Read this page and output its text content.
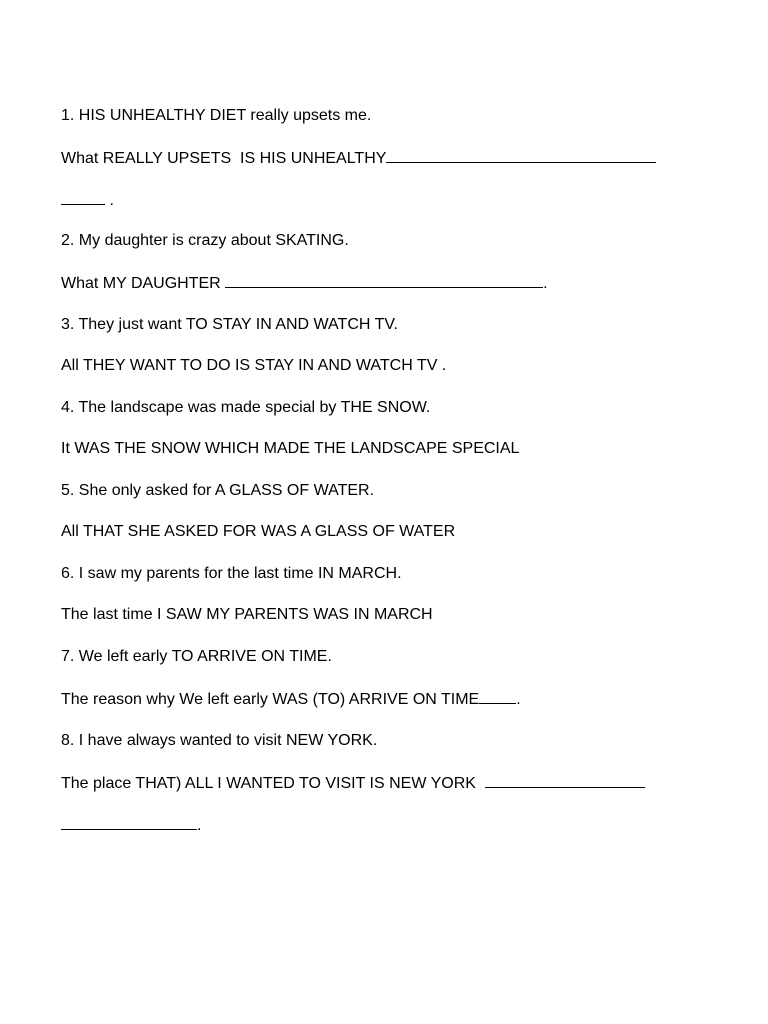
1. HIS UNHEALTHY DIET really upsets me.
What REALLY UPSETS  IS HIS UNHEALTHY
.
2. My daughter is crazy about SKATING.
What MY DAUGHTER	.
3. They just want TO STAY IN AND WATCH TV.
All THEY WANT TO DO IS STAY IN AND WATCH TV .
4. The landscape was made special by THE SNOW.
It WAS THE SNOW WHICH MADE THE LANDSCAPE SPECIAL
5. She only asked for A GLASS OF WATER.
All THAT SHE ASKED FOR WAS A GLASS OF WATER
6. I saw my parents for the last time IN MARCH.
The last time I SAW MY PARENTS WAS IN MARCH
7. We left early TO ARRIVE ON TIME.
The reason why We left early WAS (TO) ARRIVE ON TIME .
8. I have always wanted to visit NEW YORK.
The place THAT) ALL I WANTED TO VISIT IS NEW YORK
.
